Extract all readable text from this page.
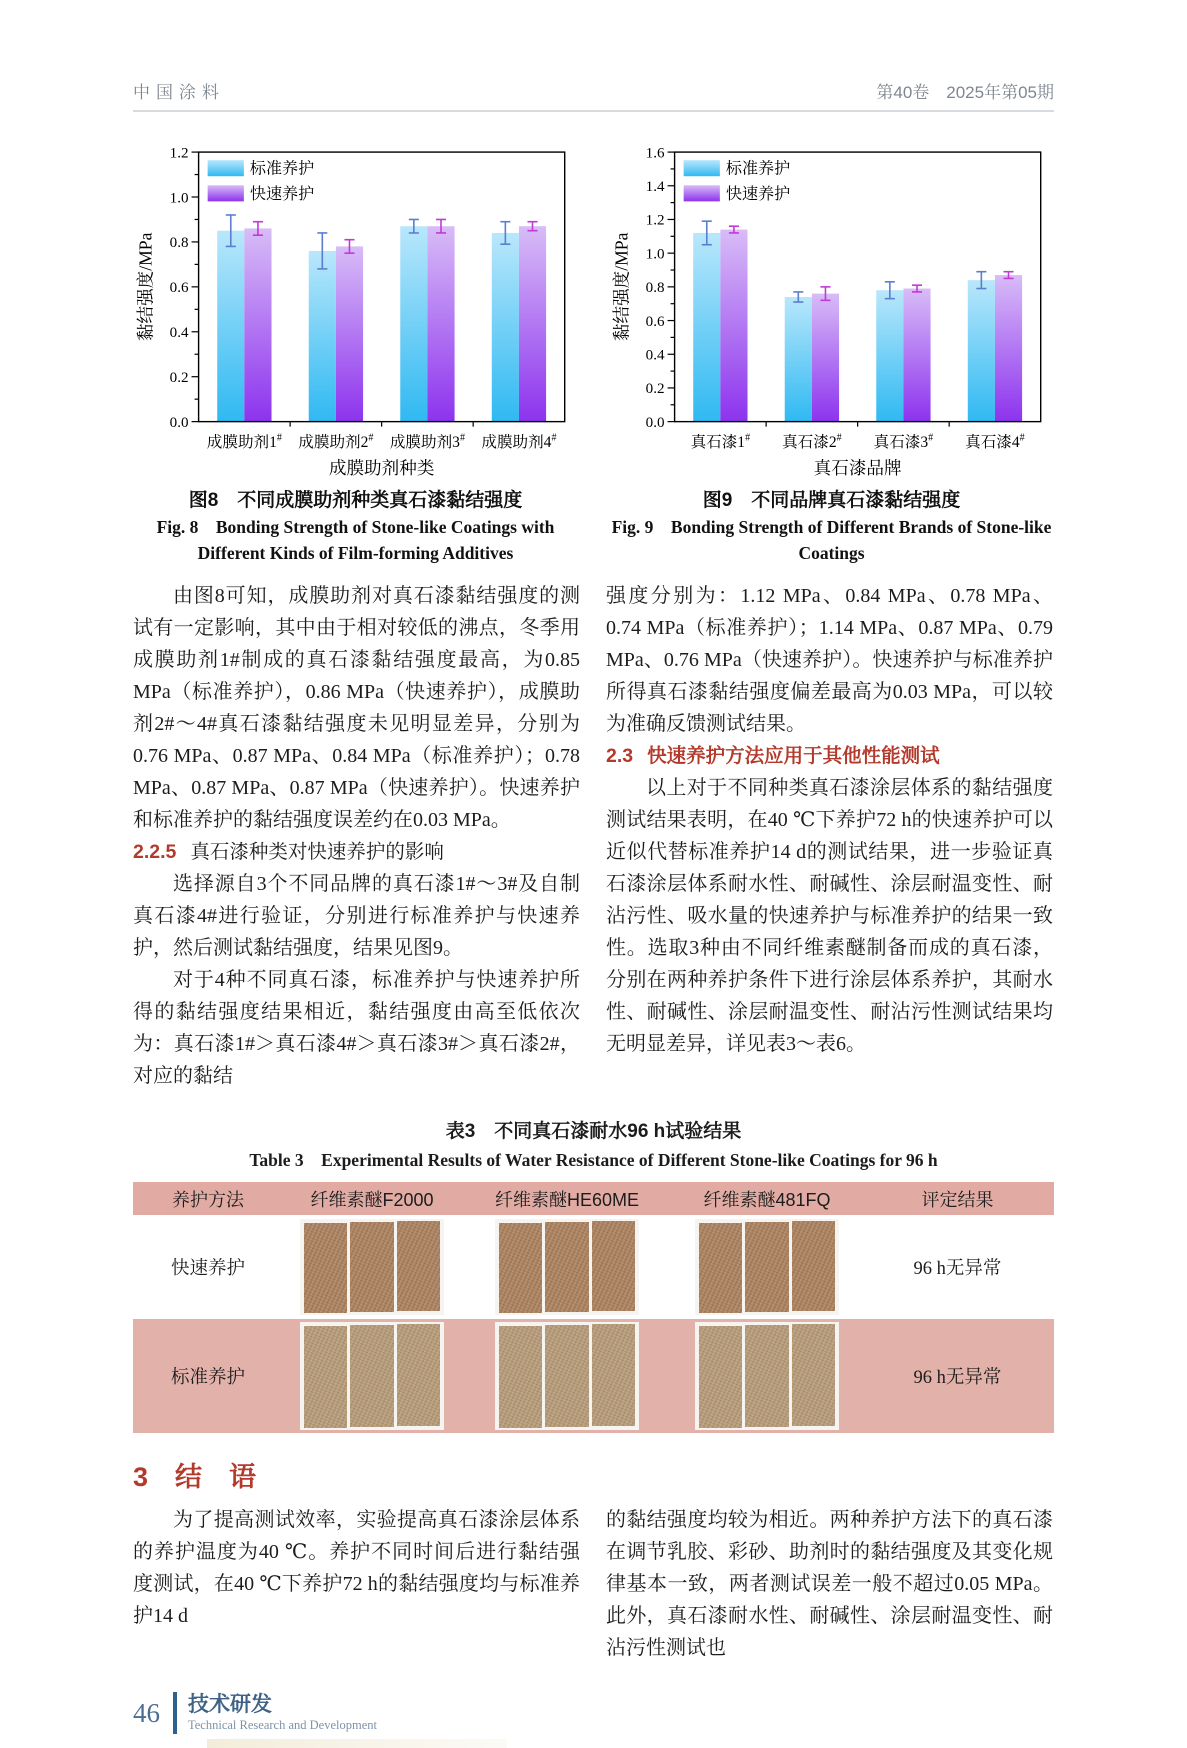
中国涂料	第40卷　2025年第05期
0.0
0.2
0.4
0.6
0.8
1.0
1.2
成膜助剂1# 成膜助剂2# 成膜助剂3# 成膜助剂4#
成膜助剂种类
黏结强度/MPa
标准养护
快速养护
图8　不同成膜助剂种类真石漆黏结强度
Fig. 8　Bonding Strength of Stone-like Coatings with
Different Kinds of Film-forming Additives
0.0
0.2
0.4
0.6
0.8
1.0
1.2
1.4
1.6
真石漆1# 真石漆2# 真石漆3# 真石漆4#
真石漆品牌
黏结强度/MPa
标准养护
快速养护
图9　不同品牌真石漆黏结强度
Fig. 9　Bonding Strength of Different Brands of Stone-like
Coatings

由图8可知，成膜助剂对真石漆黏结强度的测试有一定影响，其中由于相对较低的沸点，冬季用成膜助剂1#制成的真石漆黏结强度最高，为0.85 MPa（标准养护），0.86 MPa（快速养护），成膜助剂2#～4#真石漆黏结强度未见明显差异，分别为0.76 MPa、0.87 MPa、0.84 MPa（标准养护）；0.78 MPa、0.87 MPa、0.87 MPa（快速养护）。快速养护和标准养护的黏结强度误差约在0.03 MPa。

2.2.5 真石漆种类对快速养护的影响

选择源自3个不同品牌的真石漆1#～3#及自制真石漆4#进行验证，分别进行标准养护与快速养护，然后测试黏结强度，结果见图9。

对于4种不同真石漆，标准养护与快速养护所得的黏结强度结果相近，黏结强度由高至低依次为：真石漆1#＞真石漆4#＞真石漆3#＞真石漆2#，对应的黏结

强度分别为：1.12 MPa、0.84 MPa、0.78 MPa、0.74 MPa（标准养护）；1.14 MPa、0.87 MPa、0.79 MPa、0.76 MPa（快速养护）。快速养护与标准养护所得真石漆黏结强度偏差最高为0.03 MPa，可以较为准确反馈测试结果。

2.3 快速养护方法应用于其他性能测试

以上对于不同种类真石漆涂层体系的黏结强度测试结果表明，在40 ℃下养护72 h的快速养护可以近似代替标准养护14 d的测试结果，进一步验证真石漆涂层体系耐水性、耐碱性、涂层耐温变性、耐沾污性、吸水量的快速养护与标准养护的结果一致性。选取3种由不同纤维素醚制备而成的真石漆，分别在两种养护条件下进行涂层体系养护，其耐水性、耐碱性、涂层耐温变性、耐沾污性测试结果均无明显差异，详见表3～表6。

表3　不同真石漆耐水96 h试验结果
Table 3　Experimental Results of Water Resistance of Different Stone-like Coatings for 96 h
养护方法	纤维素醚F2000	纤维素醚HE60ME	纤维素醚481FQ	评定结果
快速养护	96 h无异常
标准养护	96 h无异常
3　结　语

为了提高测试效率，实验提高真石漆涂层体系的养护温度为40 ℃。养护不同时间后进行黏结强度测试，在40 ℃下养护72 h的黏结强度均与标准养护14 d

的黏结强度均较为相近。两种养护方法下的真石漆在调节乳胶、彩砂、助剂时的黏结强度及其变化规律基本一致，两者测试误差一般不超过0.05 MPa。此外，真石漆耐水性、耐碱性、涂层耐温变性、耐沾污性测试也

46 技术研发
Technical Research and Development
